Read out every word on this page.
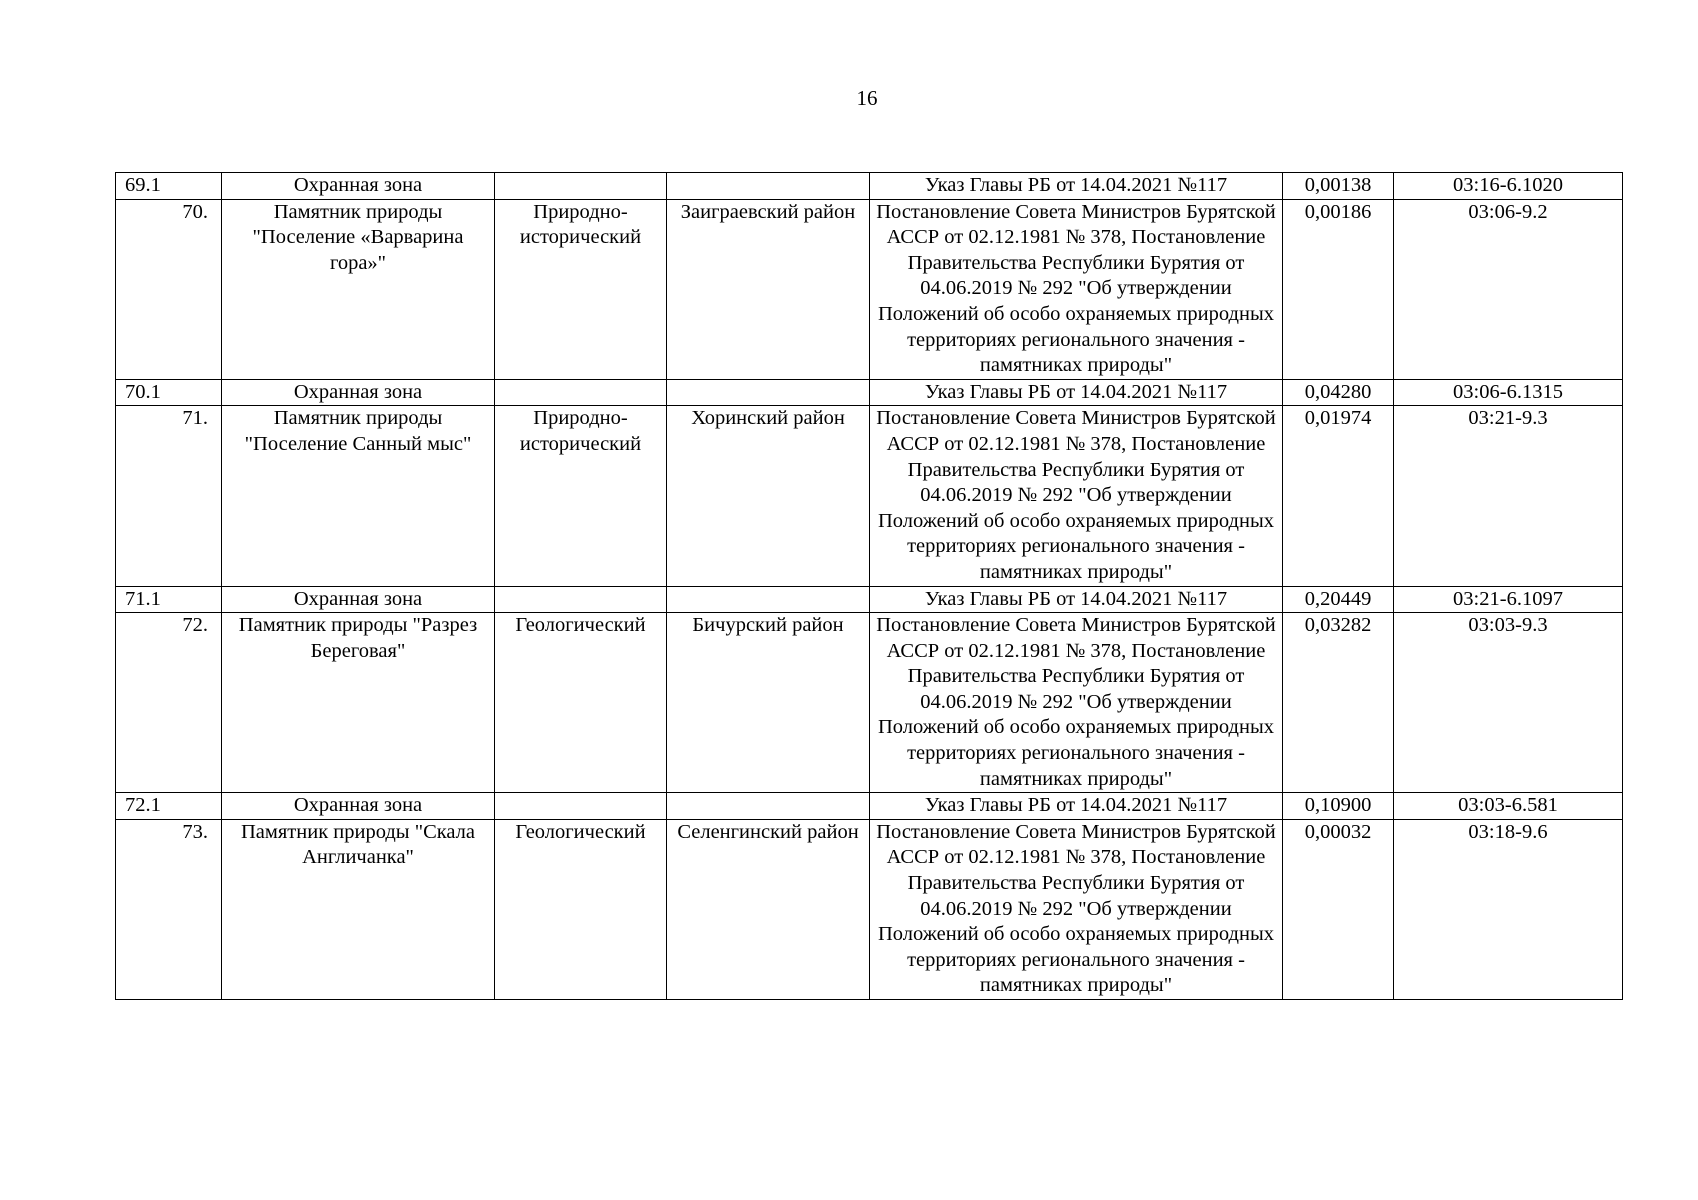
16
69.1	Охранная зона			Указ Главы РБ от 14.04.2021 №117	0,00138	03:16-6.1020
70.	Памятник природы "Поселение «Варварина гора»"	Природно-исторический	Заиграевский район	Постановление Совета Министров Бурятской АССР от 02.12.1981 № 378, Постановление Правительства Республики Бурятия от 04.06.2019 № 292 "Об утверждении Положений об особо охраняемых природных территориях регионального значения - памятниках природы"	0,00186	03:06-9.2
70.1	Охранная зона			Указ Главы РБ от 14.04.2021 №117	0,04280	03:06-6.1315
71.	Памятник природы "Поселение Санный мыс"	Природно-исторический	Хоринский район	Постановление Совета Министров Бурятской АССР от 02.12.1981 № 378, Постановление Правительства Республики Бурятия от 04.06.2019 № 292 "Об утверждении Положений об особо охраняемых природных территориях регионального значения - памятниках природы"	0,01974	03:21-9.3
71.1	Охранная зона			Указ Главы РБ от 14.04.2021 №117	0,20449	03:21-6.1097
72.	Памятник природы "Разрез Береговая"	Геологический	Бичурский район	Постановление Совета Министров Бурятской АССР от 02.12.1981 № 378, Постановление Правительства Республики Бурятия от 04.06.2019 № 292 "Об утверждении Положений об особо охраняемых природных территориях регионального значения - памятниках природы"	0,03282	03:03-9.3
72.1	Охранная зона			Указ Главы РБ от 14.04.2021 №117	0,10900	03:03-6.581
73.	Памятник природы "Скала Англичанка"	Геологический	Селенгинский район	Постановление Совета Министров Бурятской АССР от 02.12.1981 № 378, Постановление Правительства Республики Бурятия от 04.06.2019 № 292 "Об утверждении Положений об особо охраняемых природных территориях регионального значения - памятниках природы"	0,00032	03:18-9.6
